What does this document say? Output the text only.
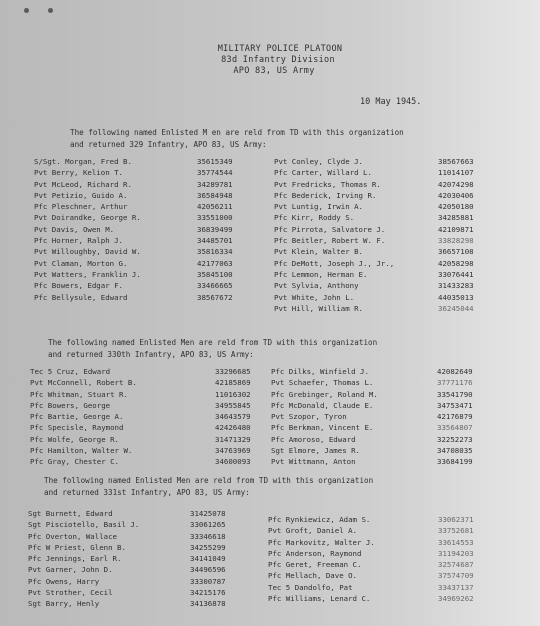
MILITARY POLICE PLATOON
83d Infantry Division
APO 83, US Army
10 May 1945.
The following named Enlisted M en are reld from TD with this organization
and returned 329 Infantry, APO 83, US Army:
S/Sgt. Morgan, Fred B.	35615349
Pvt Berry, Kelion T.	35774544
Pvt McLeod, Richard R.	34289781
Pvt Petizio, Guido A.	36584948
Pfc Pleschner, Arthur	42056211
Pvt Doirandke, George R.	33551000
Pvt Davis, Owen M.	36839499
Pfc Horner, Ralph J.	34485701
Pvt Willoughby, David W.	35816334
Pvt Claman, Morton G.	42177063
Pvt Watters, Franklin J.	35845100
Pfc Bowers, Edgar F.	33466665
Pfc Bellysule, Edward	38567672
Pvt Conley, Clyde J.	38567663
Pfc Carter, Willard L.	11014107
Pvt Fredricks, Thomas R.	42074298
Pfc Bederick, Irving R.	42030406
Pvt Luntig, Irwin A.	42050180
Pfc Kirr, Roddy S.	34285881
Pfc Pirrota, Salvatore J.	42109871
Pfc Beitler, Robert W. F.	33828298
Pvt Klein, Walter B.	36657108
Pfc DeMott, Joseph J., Jr.,	42058298
Pfc Lemmon, Herman E.	33076441
Pvt Sylvia, Anthony	31433283
Pvt White, John L.	44035013
Pvt Hill, William R.	36245044
The following named Enlisted Men are reld from TD with this organization
and returned 330th Infantry, APO 83, US Army:
Tec 5 Cruz, Edward	33296685
Pvt McConnell, Robert B.	42185869
Pfc Whitman, Stuart R.	11016302
Pfc Bowers, George	34955845
Pfc Bartie, George A.	34643579
Pfc Specisle, Raymond	42426480
Pfc Wolfe, George R.	31471329
Pfc Hamilton, Walter W.	34763969
Pfc Gray, Chester C.	34600093
Pfc Dilks, Winfield J.	42082649
Pvt Schaefer, Thomas L.	37771176
Pfc Grebinger, Roland M.	33541790
Pfc McDonald, Claude E.	34753471
Pvt Szopor, Tyron	42176879
Pfc Berkman, Vincent E.	33564807
Pfc Amoroso, Edward	32252273
Sgt Elmore, James R.	34708035
Pvt Wittmann, Anton	33684199
The following named Enlisted Men are reld from TD with this organization
and returned 331st Infantry, APO 83, US Army:
Sgt Burnett, Edward	31425078
Sgt Pisciotello, Basil J.	33061265
Pfc Overton, Wallace	33346618
Pfc W Priest, Glenn B.	34255299
Pfc Jennings, Earl R.	34141049
Pvt Garner, John D.	34496596
Pfc Owens, Harry	33300787
Pvt Strother, Cecil	34215176
Sgt Barry, Henly	34136878
Pfc Rynkiewicz, Adam S.	33062371
Pvt Groft, Daniel A.	33752681
Pfc Markovitz, Walter J.	33614553
Pfc Anderson, Raymond	31194203
Pfc Geret, Freeman C.	32574687
Pfc Mellach, Dave O.	37574709
Tec 5 Dandolfo, Pat	33437137
Pfc Williams, Lenard C.	34969262
